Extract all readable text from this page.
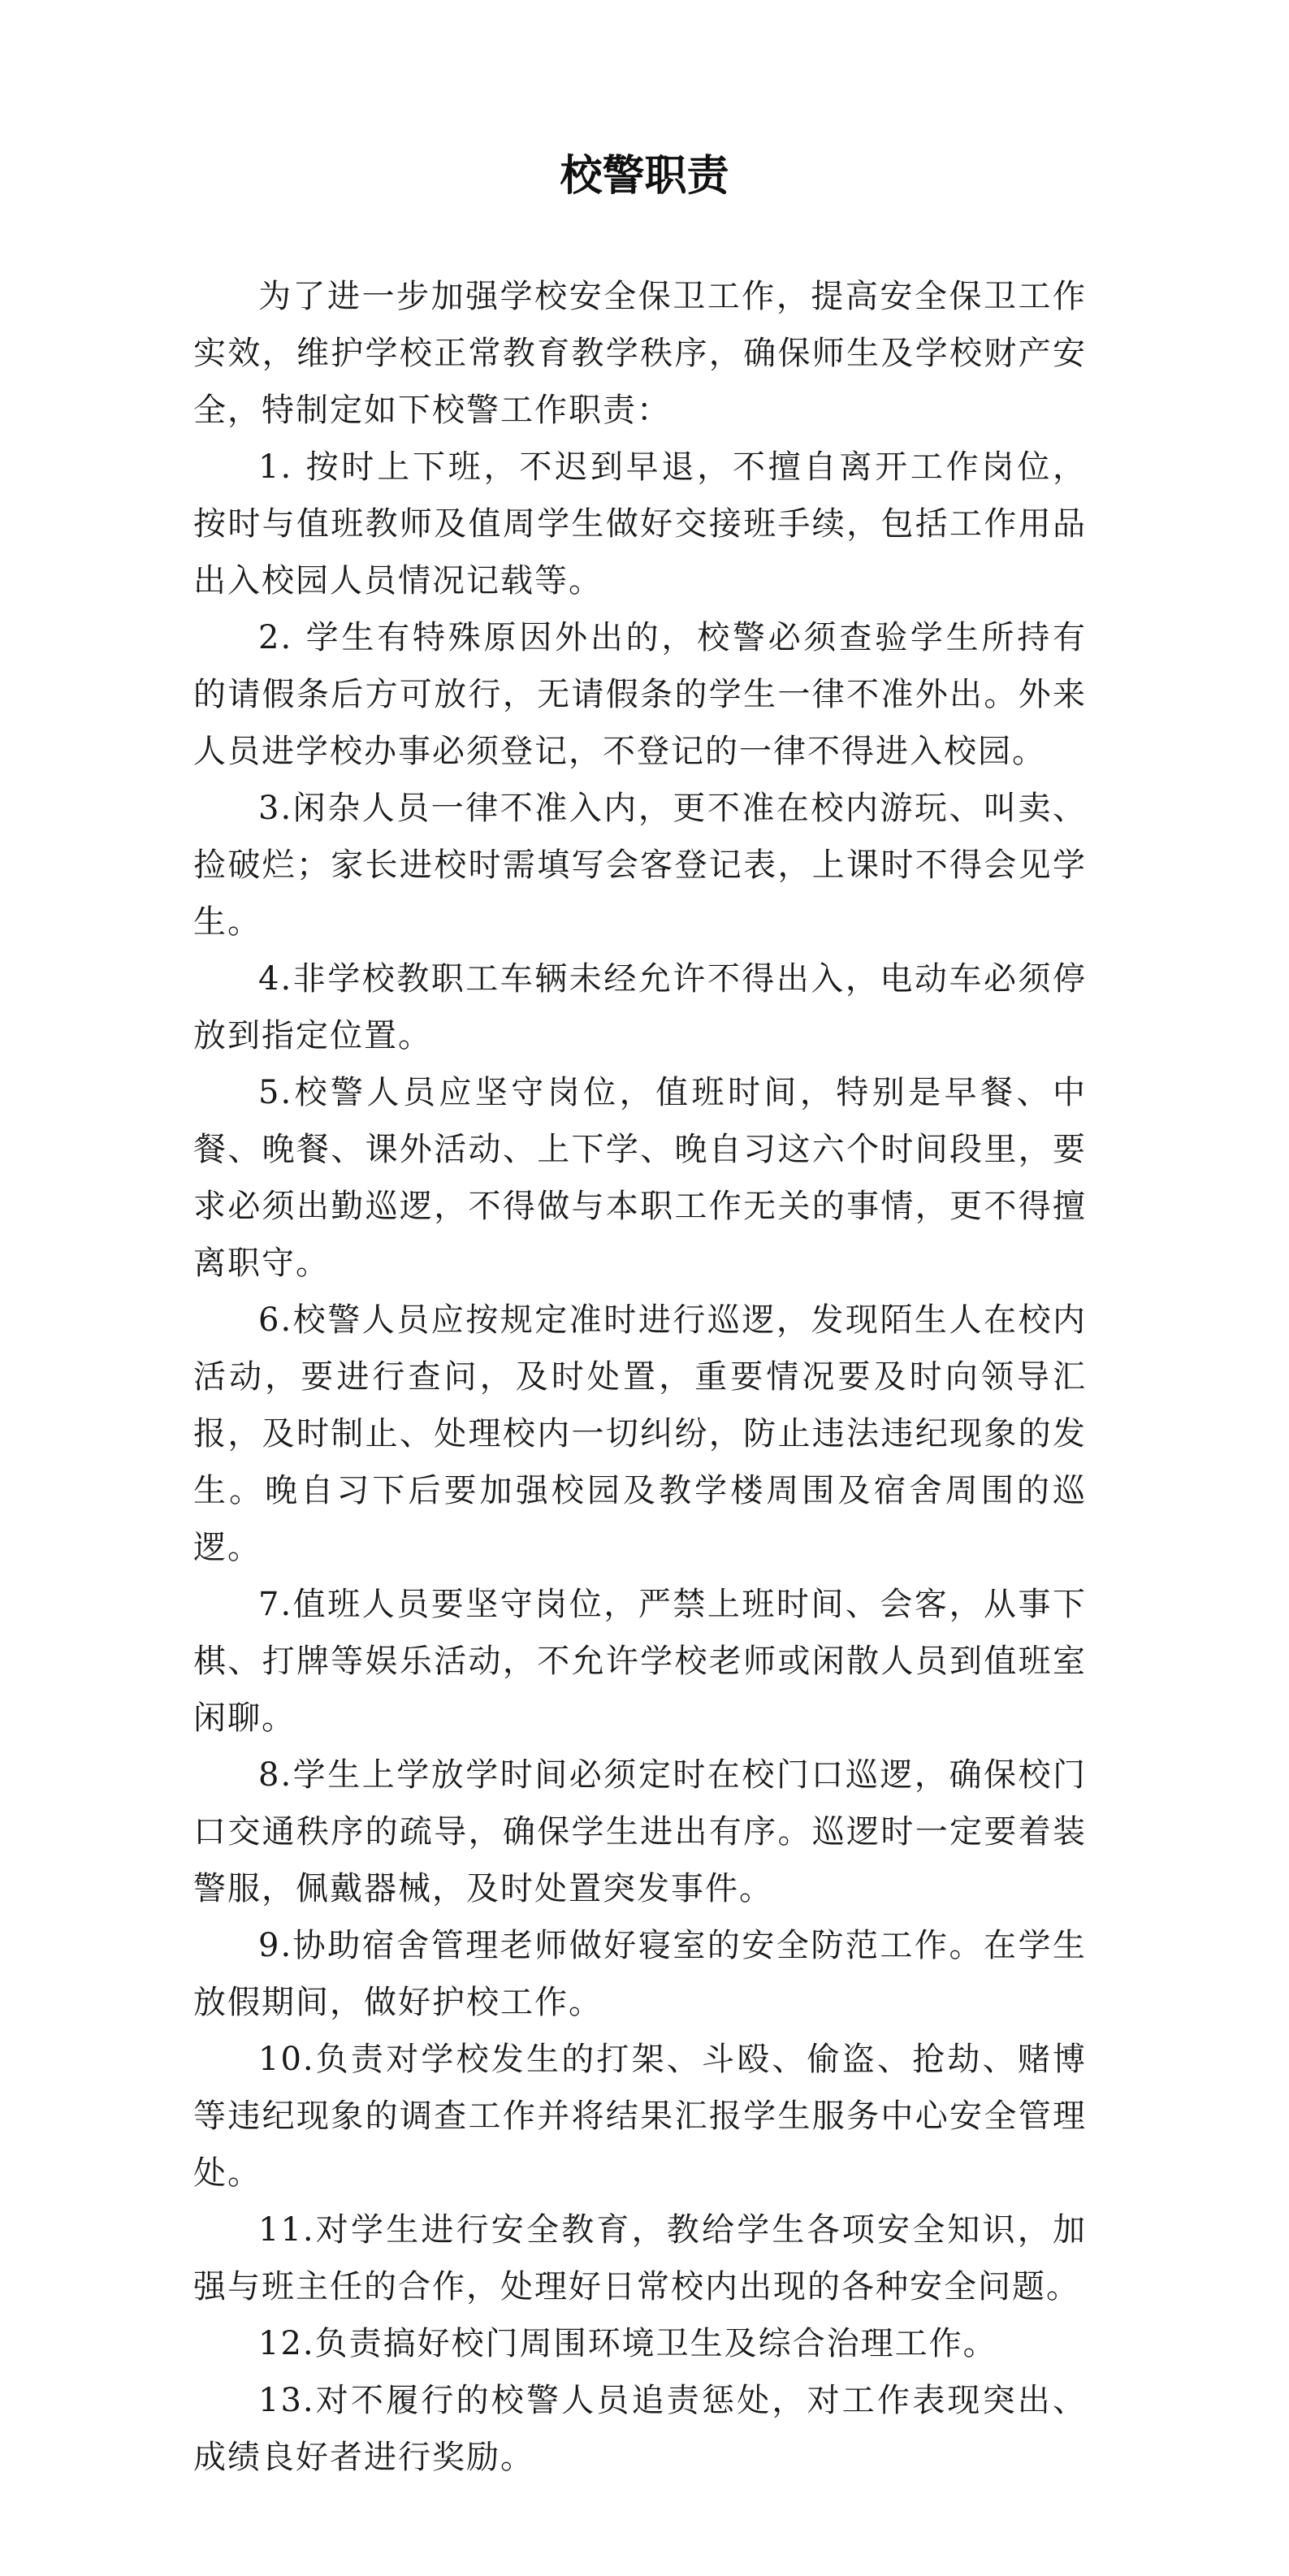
校警职责

为了进一步加强学校安全保卫工作，提高安全保卫工作实效，维护学校正常教育教学秩序，确保师生及学校财产安全，特制定如下校警工作职责：

1. 按时上下班，不迟到早退，不擅自离开工作岗位，按时与值班教师及值周学生做好交接班手续，包括工作用品出入校园人员情况记载等。

2. 学生有特殊原因外出的，校警必须查验学生所持有的请假条后方可放行，无请假条的学生一律不准外出。外来人员进学校办事必须登记，不登记的一律不得进入校园。

3.闲杂人员一律不准入内，更不准在校内游玩、叫卖、捡破烂；家长进校时需填写会客登记表，上课时不得会见学生。

4.非学校教职工车辆未经允许不得出入，电动车必须停放到指定位置。

5.校警人员应坚守岗位，值班时间，特别是早餐、中餐、晚餐、课外活动、上下学、晚自习这六个时间段里，要求必须出勤巡逻，不得做与本职工作无关的事情，更不得擅离职守。

6.校警人员应按规定准时进行巡逻，发现陌生人在校内活动，要进行查问，及时处置，重要情况要及时向领导汇报，及时制止、处理校内一切纠纷，防止违法违纪现象的发生。晚自习下后要加强校园及教学楼周围及宿舍周围的巡逻。

7.值班人员要坚守岗位，严禁上班时间、会客，从事下棋、打牌等娱乐活动，不允许学校老师或闲散人员到值班室闲聊。

8.学生上学放学时间必须定时在校门口巡逻，确保校门口交通秩序的疏导，确保学生进出有序。巡逻时一定要着装警服，佩戴器械，及时处置突发事件。

9.协助宿舍管理老师做好寝室的安全防范工作。在学生放假期间，做好护校工作。

10.负责对学校发生的打架、斗殴、偷盗、抢劫、赌博等违纪现象的调查工作并将结果汇报学生服务中心安全管理处。

11.对学生进行安全教育，教给学生各项安全知识，加强与班主任的合作，处理好日常校内出现的各种安全问题。

12.负责搞好校门周围环境卫生及综合治理工作。

13.对不履行的校警人员追责惩处，对工作表现突出、成绩良好者进行奖励。
